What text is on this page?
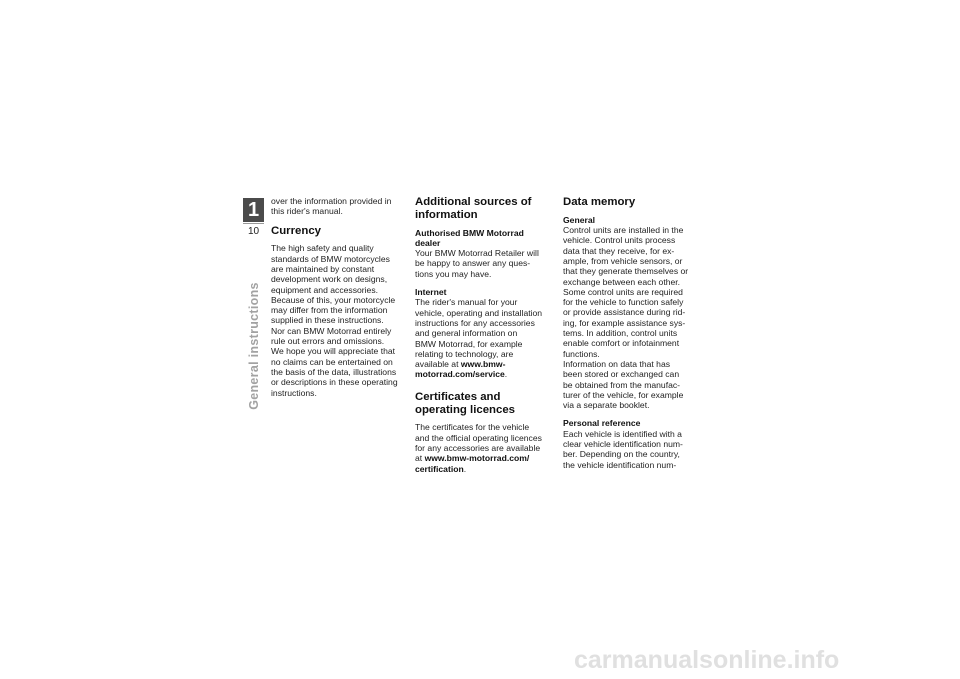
1
10
General instructions

over the information provided in
this rider's manual.

Currency

The high safety and quality
standards of BMW motorcycles
are maintained by constant
development work on designs,
equipment and accessories.
Because of this, your motorcycle
may differ from the information
supplied in these instructions.
Nor can BMW Motorrad entirely
rule out errors and omissions.
We hope you will appreciate that
no claims can be entertained on
the basis of the data, illustrations
or descriptions in these operating
instructions.

Additional sources of
information
Authorised BMW Motorrad
dealer

Your BMW Motorrad Retailer will
be happy to answer any ques-
tions you may have.

Internet

The rider's manual for your
vehicle, operating and installation
instructions for any accessories
and general information on
BMW Motorrad, for example
relating to technology, are
available at www.bmw-
motorrad.com/service.

Certificates and
operating licences

The certificates for the vehicle
and the official operating licences
for any accessories are available
at www.bmw-motorrad.com/
certification.

Data memory
General

Control units are installed in the
vehicle. Control units process
data that they receive, for ex-
ample, from vehicle sensors, or
that they generate themselves or
exchange between each other.
Some control units are required
for the vehicle to function safely
or provide assistance during rid-
ing, for example assistance sys-
tems. In addition, control units
enable comfort or infotainment
functions.
Information on data that has
been stored or exchanged can
be obtained from the manufac-
turer of the vehicle, for example
via a separate booklet.

Personal reference

Each vehicle is identified with a
clear vehicle identification num-
ber. Depending on the country,
the vehicle identification num-

carmanualsonline.info
